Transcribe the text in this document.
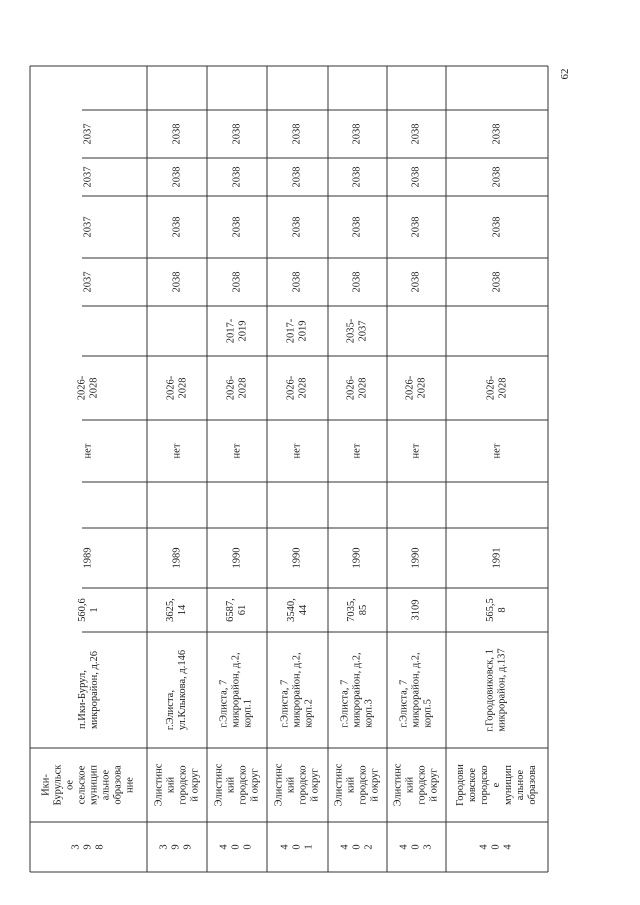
62
3
9
8
Ики-
Бурульск
ое
сельское
муницип
альное
образова
ние
п.Ики-Бурул,
микрорайон, д.26
560,6
1
1989
нет
2026-
2028
2037
2037
2037
2037
3
9
9
Элистинс
кий
городско
й округ
г.Элиста,
ул.Клыкова, д.146
3625,
14
1989
нет
2026-
2028
2038
2038
2038
2038
4
0
0
Элистинс
кий
городско
й округ
г.Элиста, 7
микрорайон, д.2,
корп.1
6587,
61
1990
нет
2026-
2028
2017-
2019
2038
2038
2038
2038
4
0
1
Элистинс
кий
городско
й округ
г.Элиста, 7
микрорайон, д.2,
корп.2
3540,
44
1990
нет
2026-
2028
2017-
2019
2038
2038
2038
2038
4
0
2
Элистинс
кий
городско
й округ
г.Элиста, 7
микрорайон, д.2,
корп.3
7035,
85
1990
нет
2026-
2028
2035-
2037
2038
2038
2038
2038
4
0
3
Элистинс
кий
городско
й округ
г.Элиста, 7
микрорайон, д.2,
корп.5
3109
1990
нет
2026-
2028
2038
2038
2038
2038
4
0
4
Городови
ковское
городско
е
муницип
альное
образова
г.Городовиковск, 1
микрорайон, д.137
565,5
8
1991
нет
2026-
2028
2038
2038
2038
2038
